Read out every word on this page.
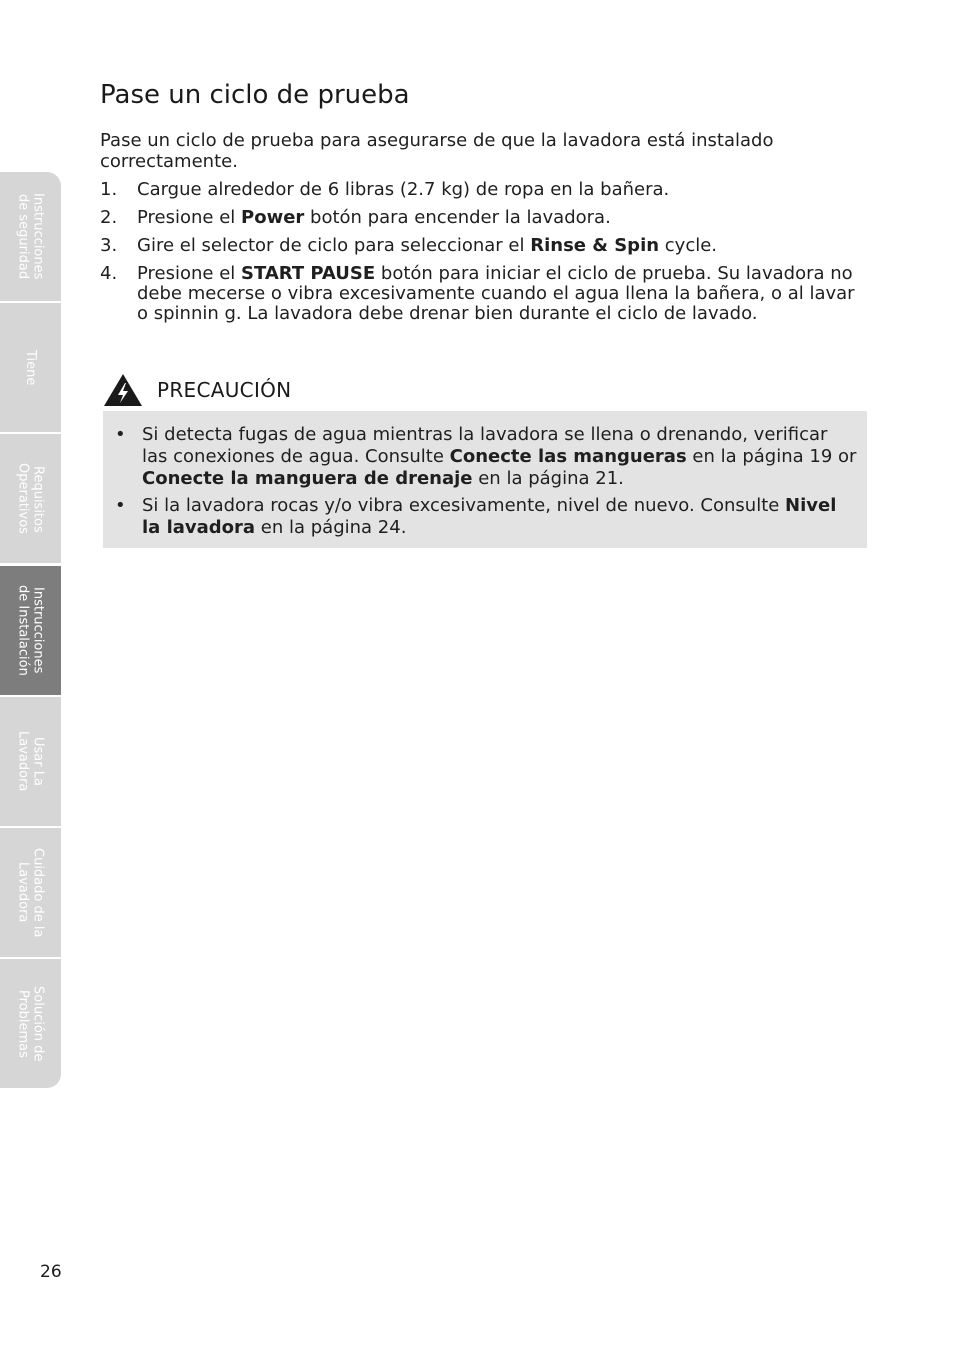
Pase un ciclo de prueba

Pase un ciclo de prueba para asegurarse de que la lavadora está instalado correctamente.

1.	Cargue alrededor de 6 libras (2.7 kg) de ropa en la bañera.
2.	Presione el Power botón para encender la lavadora.
3.	Gire el selector de ciclo para seleccionar el Rinse & Spin cycle.
4.	Presione el START PAUSE botón para iniciar el ciclo de prueba. Su lavadora no debe mecerse o vibra excesivamente cuando el agua llena la bañera, o al lavar o spinnin g. La lavadora debe drenar bien durante el ciclo de lavado.
PRECAUCIÓN
• Si detecta fugas de agua mientras la lavadora se llena o drenando, verificar las conexiones de agua. Consulte Conecte las mangueras en la página 19 or Conecte la manguera de drenaje en la página 21.
• Si la lavadora rocas y/o vibra excesivamente, nivel de nuevo. Consulte Nivel la lavadora en la página 24.
Instrucciones
de seguridad
Tiene
Requisitos
Operativos
Instrucciones
de Instalación
Usar La
Lavadora
Cuidado de la
Lavadora
Solución de
Problemas
26
